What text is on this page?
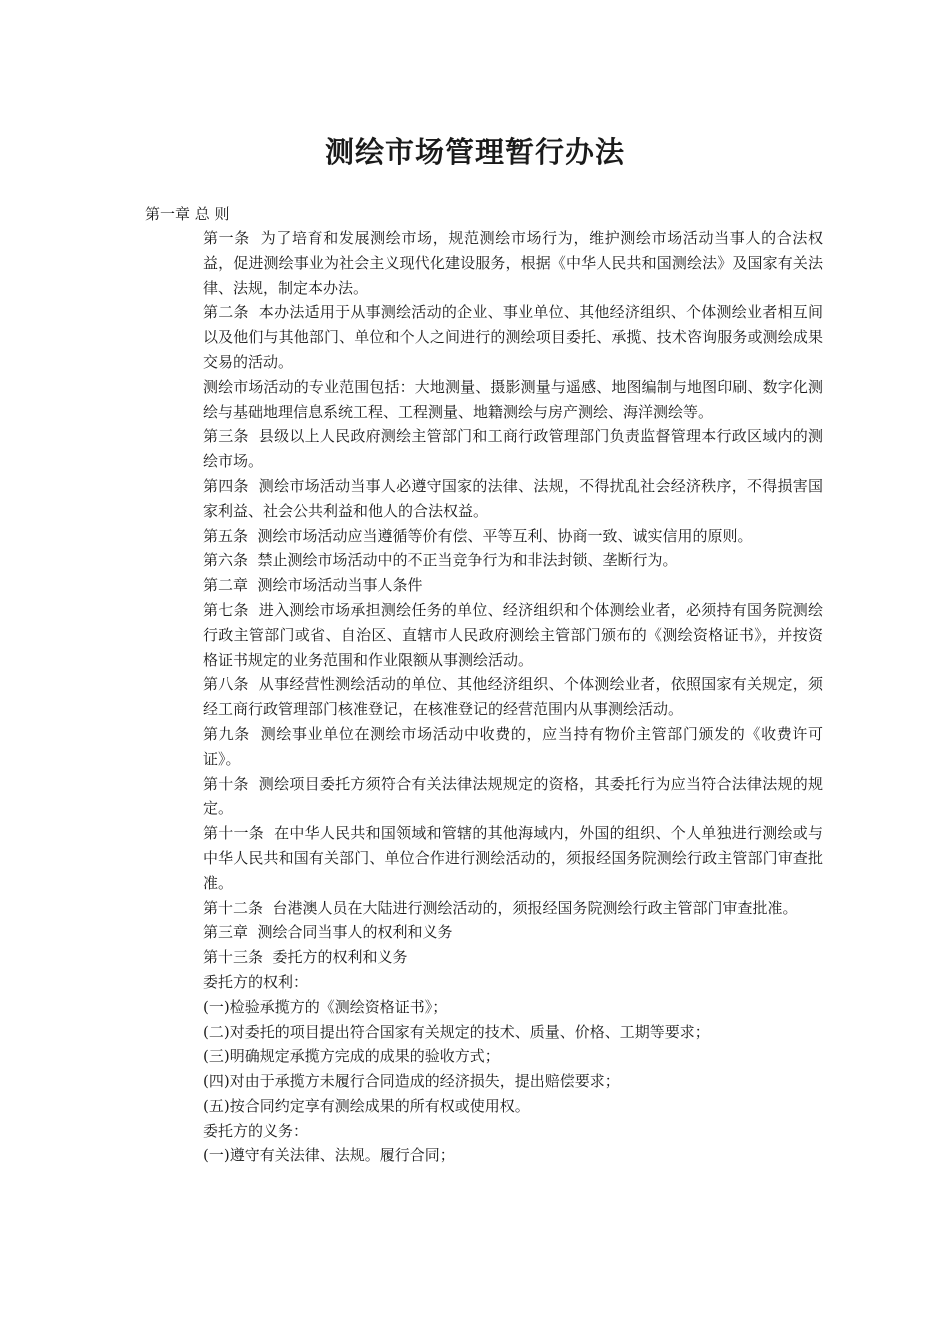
测绘市场管理暂行办法
第一章 总 则

第一条  为了培育和发展测绘市场，规范测绘市场行为，维护测绘市场活动当事人的合法权益，促进测绘事业为社会主义现代化建设服务，根据《中华人民共和国测绘法》及国家有关法律、法规，制定本办法。

第二条  本办法适用于从事测绘活动的企业、事业单位、其他经济组织、个体测绘业者相互间以及他们与其他部门、单位和个人之间进行的测绘项目委托、承揽、技术咨询服务或测绘成果交易的活动。

测绘市场活动的专业范围包括：大地测量、摄影测量与遥感、地图编制与地图印刷、数字化测绘与基础地理信息系统工程、工程测量、地籍测绘与房产测绘、海洋测绘等。

第三条  县级以上人民政府测绘主管部门和工商行政管理部门负责监督管理本行政区域内的测绘市场。

第四条  测绘市场活动当事人必遵守国家的法律、法规，不得扰乱社会经济秩序，不得损害国家利益、社会公共利益和他人的合法权益。

第五条  测绘市场活动应当遵循等价有偿、平等互利、协商一致、诚实信用的原则。

第六条  禁止测绘市场活动中的不正当竞争行为和非法封锁、垄断行为。

第二章  测绘市场活动当事人条件

第七条  进入测绘市场承担测绘任务的单位、经济组织和个体测绘业者，必须持有国务院测绘行政主管部门或省、自治区、直辖市人民政府测绘主管部门颁布的《测绘资格证书》，并按资格证书规定的业务范围和作业限额从事测绘活动。

第八条  从事经营性测绘活动的单位、其他经济组织、个体测绘业者，依照国家有关规定，须经工商行政管理部门核准登记，在核准登记的经营范围内从事测绘活动。

第九条  测绘事业单位在测绘市场活动中收费的，应当持有物价主管部门颁发的《收费许可证》。

第十条  测绘项目委托方须符合有关法律法规规定的资格，其委托行为应当符合法律法规的规定。

第十一条  在中华人民共和国领域和管辖的其他海域内，外国的组织、个人单独进行测绘或与中华人民共和国有关部门、单位合作进行测绘活动的，须报经国务院测绘行政主管部门审查批准。

第十二条  台港澳人员在大陆进行测绘活动的，须报经国务院测绘行政主管部门审查批准。

第三章  测绘合同当事人的权利和义务

第十三条  委托方的权利和义务

委托方的权利：

(一)检验承揽方的《测绘资格证书》；

(二)对委托的项目提出符合国家有关规定的技术、质量、价格、工期等要求；

(三)明确规定承揽方完成的成果的验收方式；

(四)对由于承揽方未履行合同造成的经济损失，提出赔偿要求；

(五)按合同约定享有测绘成果的所有权或使用权。

委托方的义务：

(一)遵守有关法律、法规。履行合同；
